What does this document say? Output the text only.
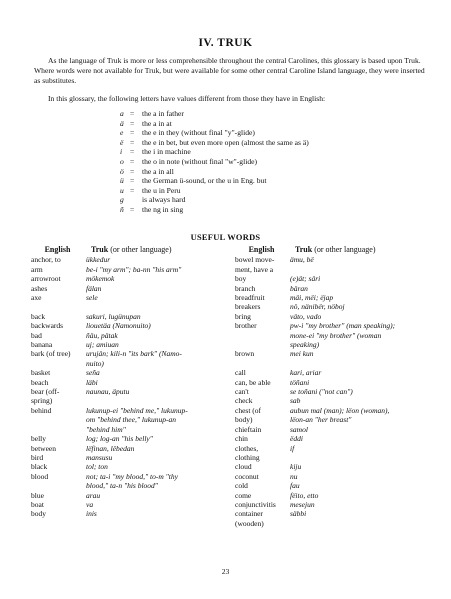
IV. TRUK
As the language of Truk is more or less comprehensible throughout the central Carolines, this glossary is based upon Truk. Where words were not available for Truk, but were available for some other central Caroline Island language, they were inserted as substitutes.
In this glossary, the following letters have values different from those they have in English:
a = the a in father
ä = the a in at
e = the e in they (without final "y"-glide)
ë = the e in bet, but even more open (almost the same as ä)
i = the i in machine
o = the o in note (without final "w"-glide)
ö = the a in all
ü = the German ü-sound, or the u in Eng. but
u = the u in Peru
g is always hard
ñ = the ng in sing
USEFUL WORDS
English	Truk (or other language)
anchor, to	ükkedur
arm	be-i "my arm"; ba-nn "his arm"
arrowroot	mökemok
ashes	fälan
axe	sele
back	sakuri, lugünupan
backwards	liouetäa (Namonuito)
bad	ñäu, pätak
banana	uj; amiuan
bark (of tree)	urujän; kili-n "its bark" (Namo-
nuito)
basket	seña
beach	läbi
bear (off-	naunau, äputu
spring)
behind	lukunup-ei "behind me," lukunup-
om "behind thee," lukunup-an
"behind him"
belly	log; log-an "his belly"
between	lëfinan, lëbedan
bird	mansusu
black	tol; ton
blood	not; ta-i "my blood," to-m "thy
blood," ta-n "his blood"
blue	arau
boat	va
body	inis
English	Truk (or other language)
bowel move-	ämu, bë
ment, have a
boy	(e)ät; säri
branch	bäran
breadfruit	mäi, mëi; ëjap
breakers	nö, nänibër, nöboj
bring	väto, vado
brother	pw-i "my brother" (man speaking);
mone-ei "my brother" (woman
speaking)
brown	mei kun
call	kari, ariar
can, be able	töñani
can't	se toñani ("not can")
check	sab
chest (of	aubun mal (man); lëon (woman),
body)	lëon-an "her breast"
chieftain	samol
chin	ëddi
clothes,	if
clothing
cloud	kiju
coconut	nu
cold	fau
come	fëito, etto
conjunctivitis	mesejun
container	säbbi
(wooden)
23
